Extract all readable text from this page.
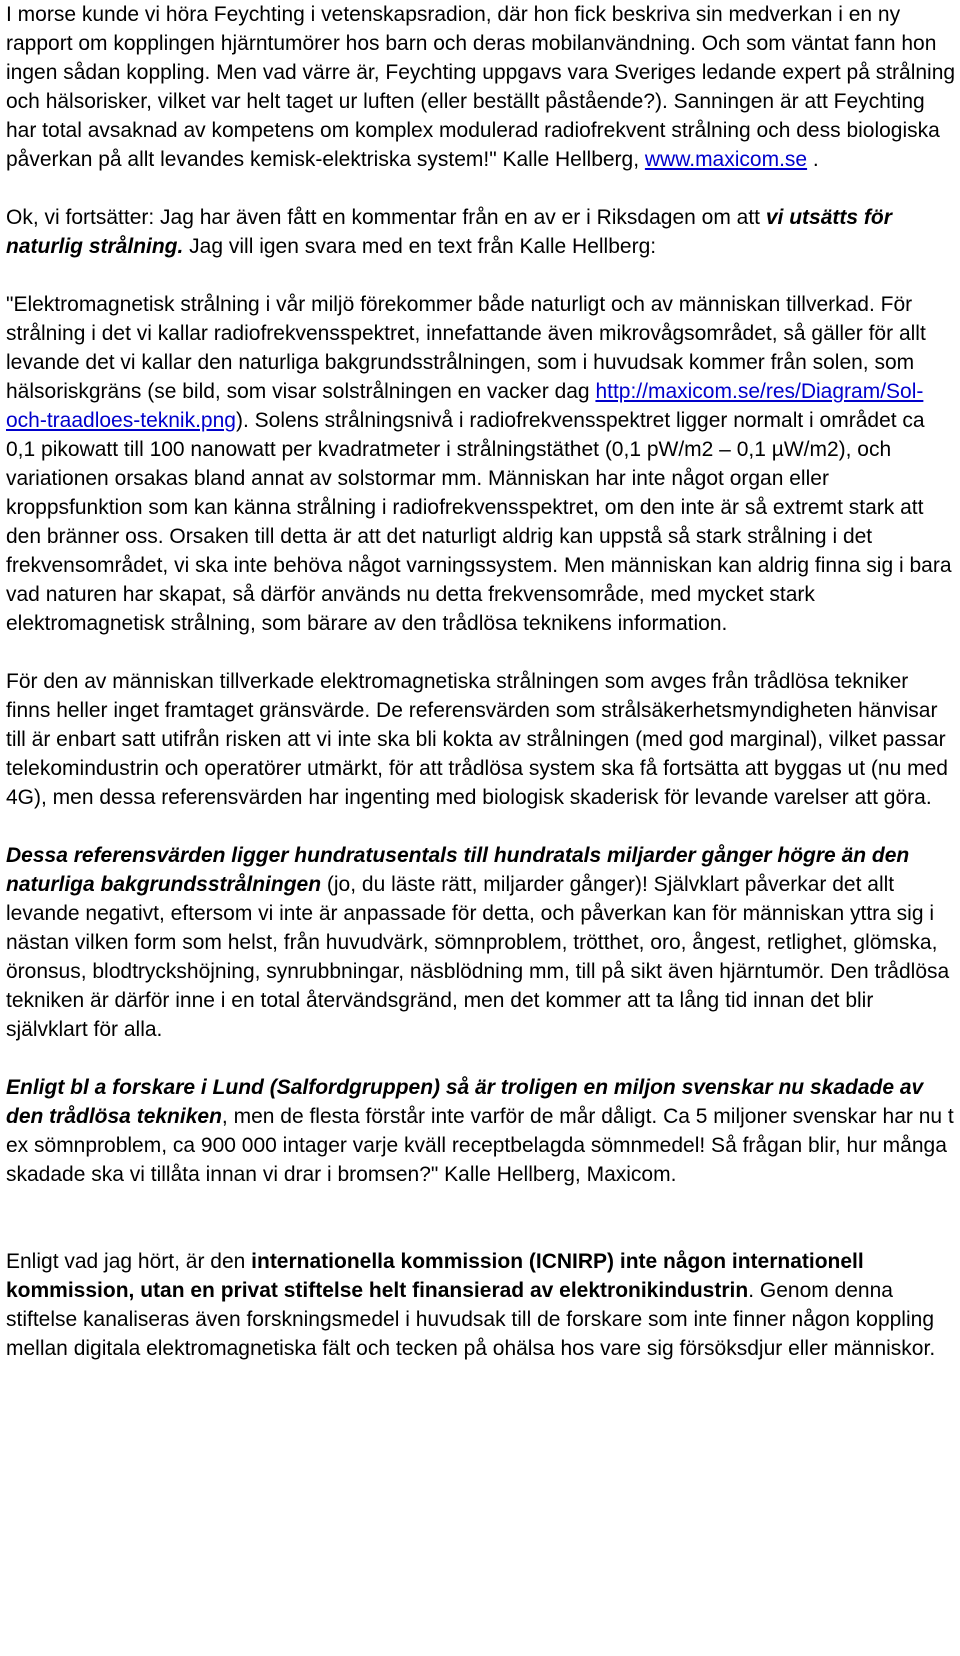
I morse kunde vi höra Feychting i vetenskapsradion, där hon fick beskriva sin medverkan i en ny rapport om kopplingen hjärntumörer hos barn och deras mobilanvändning. Och som väntat fann hon ingen sådan koppling. Men vad värre är, Feychting uppgavs vara Sveriges ledande expert på strålning och hälsorisker, vilket var helt taget ur luften (eller beställt påstående?). Sanningen är att Feychting har total avsaknad av kompetens om komplex modulerad radiofrekvent strålning och dess biologiska påverkan på allt levandes kemisk-elektriska system!" Kalle Hellberg, www.maxicom.se .

Ok, vi fortsätter: Jag har även fått en kommentar från en av er i Riksdagen om att vi utsätts för naturlig strålning. Jag vill igen svara med en text från Kalle Hellberg:

"Elektromagnetisk strålning i vår miljö förekommer både naturligt och av människan tillverkad. För strålning i det vi kallar radiofrekvensspektret, innefattande även mikrovågsområdet, så gäller för allt levande det vi kallar den naturliga bakgrundsstrålningen, som i huvudsak kommer från solen, som hälsoriskgräns (se bild, som visar solstrålningen en vacker dag http://maxicom.se/res/Diagram/Sol-och-traadloes-teknik.png). Solens strålningsnivå i radiofrekvensspektret ligger normalt i området ca 0,1 pikowatt till 100 nanowatt per kvadratmeter i strålningstäthet (0,1 pW/m2 – 0,1 µW/m2), och variationen orsakas bland annat av solstormar mm. Människan har inte något organ eller kroppsfunktion som kan känna strålning i radiofrekvensspektret, om den inte är så extremt stark att den bränner oss. Orsaken till detta är att det naturligt aldrig kan uppstå så stark strålning i det frekvensområdet, vi ska inte behöva något varningssystem. Men människan kan aldrig finna sig i bara vad naturen har skapat, så därför används nu detta frekvensområde, med mycket stark elektromagnetisk strålning, som bärare av den trådlösa teknikens information.

För den av människan tillverkade elektromagnetiska strålningen som avges från trådlösa tekniker finns heller inget framtaget gränsvärde. De referensvärden som strålsäkerhetsmyndigheten hänvisar till är enbart satt utifrån risken att vi inte ska bli kokta av strålningen (med god marginal), vilket passar telekomindustrin och operatörer utmärkt, för att trådlösa system ska få fortsätta att byggas ut (nu med 4G), men dessa referensvärden har ingenting med biologisk skaderisk för levande varelser att göra.

Dessa referensvärden ligger hundratusentals till hundratals miljarder gånger högre än den naturliga bakgrundsstrålningen (jo, du läste rätt, miljarder gånger)! Självklart påverkar det allt levande negativt, eftersom vi inte är anpassade för detta, och påverkan kan för människan yttra sig i nästan vilken form som helst, från huvudvärk, sömnproblem, trötthet, oro, ångest, retlighet, glömska, öronsus, blodtryckshöjning, synrubbningar, näsblödning mm, till på sikt även hjärntumör. Den trådlösa tekniken är därför inne i en total återvändsgränd, men det kommer att ta lång tid innan det blir självklart för alla.

Enligt bl a forskare i Lund (Salfordgruppen) så är troligen en miljon svenskar nu skadade av den trådlösa tekniken, men de flesta förstår inte varför de mår dåligt. Ca 5 miljoner svenskar har nu t ex sömnproblem, ca 900 000 intager varje kväll receptbelagda sömnmedel! Så frågan blir, hur många skadade ska vi tillåta innan vi drar i bromsen?" Kalle Hellberg, Maxicom.

Enligt vad jag hört, är den internationella kommission (ICNIRP) inte någon internationell kommission, utan en privat stiftelse helt finansierad av elektronikindustrin. Genom denna stiftelse kanaliseras även forskningsmedel i huvudsak till de forskare som inte finner någon koppling mellan digitala elektromagnetiska fält och tecken på ohälsa hos vare sig försöksdjur eller människor.
